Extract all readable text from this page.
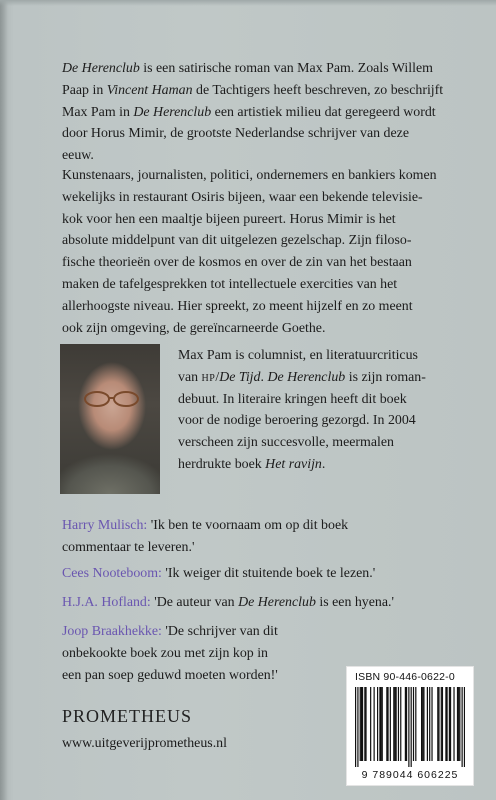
De Herenclub is een satirische roman van Max Pam. Zoals Willem
Paap in Vincent Haman de Tachtigers heeft beschreven, zo beschrijft
Max Pam in De Herenclub een artistiek milieu dat geregeerd wordt
door Horus Mimir, de grootste Nederlandse schrijver van deze
eeuw.
Kunstenaars, journalisten, politici, ondernemers en bankiers komen
wekelijks in restaurant Osiris bijeen, waar een bekende televisie-
kok voor hen een maaltje bijeen pureert. Horus Mimir is het
absolute middelpunt van dit uitgelezen gezelschap. Zijn filoso-
fische theorieën over de kosmos en over de zin van het bestaan
maken de tafelgesprekken tot intellectuele exercities van het
allerhoogste niveau. Hier spreekt, zo meent hijzelf en zo meent
ook zijn omgeving, de gereïncarneerde Goethe.
Max Pam is columnist, en literatuurcriticus
van hp/De Tijd. De Herenclub is zijn roman-
debuut. In literaire kringen heeft dit boek
voor de nodige beroering gezorgd. In 2004
verscheen zijn succesvolle, meermalen
herdrukte boek Het ravijn.
Harry Mulisch: 'Ik ben te voornaam om op dit boek
commentaar te leveren.'
Cees Nooteboom: 'Ik weiger dit stuitende boek te lezen.'
H.J.A. Hofland: 'De auteur van De Herenclub is een hyena.'
Joop Braakhekke: 'De schrijver van dit
onbekookte boek zou met zijn kop in
een pan soep geduwd moeten worden!'
PROMETHEUS
www.uitgeverijprometheus.nl
ISBN 90-446-0622-0
9 789044 606225
